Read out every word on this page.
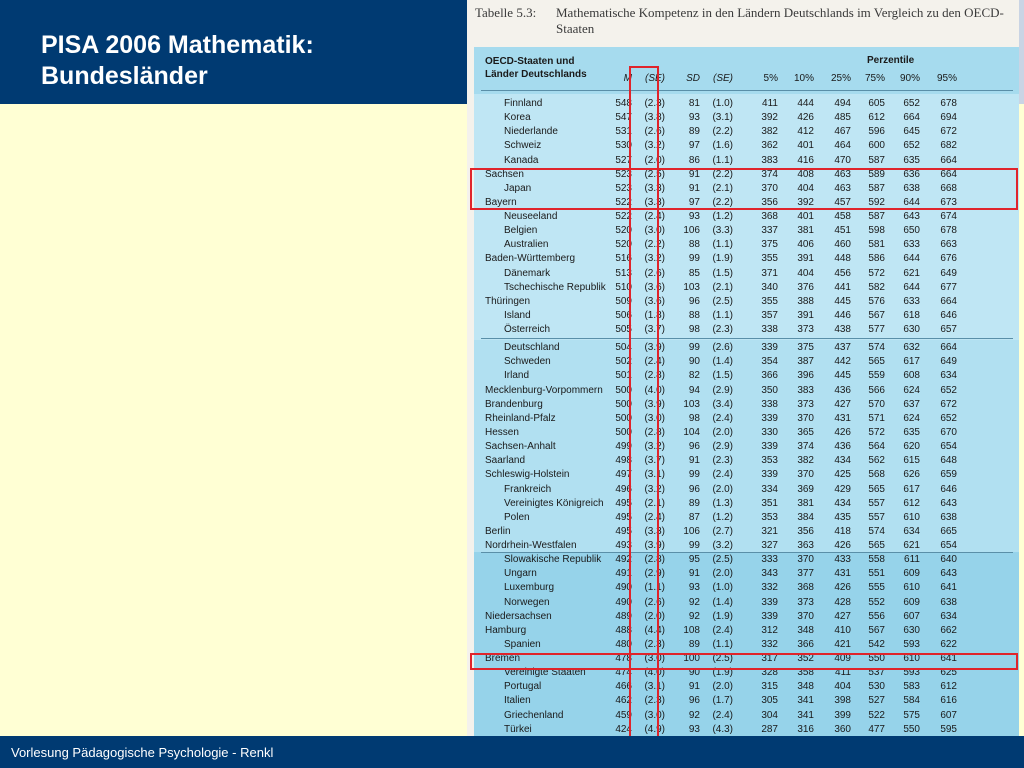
PISA 2006 Mathematik:
Bundesländer
Tabelle 5.3: Mathematische Kompetenz in den Ländern Deutschlands im Vergleich zu den OECD-Staaten
OECD-Staaten und
Länder Deutschlands
Perzentile
M (SE) SD (SE)	5% 10% 25% 75% 90% 95%
Finnland	548 (2.3) 81 (1.0)	411 444 494 605 652 678
Korea	547 (3.8) 93 (3.1)	392 426 485 612 664 694
Niederlande	531 (2.6) 89 (2.2)	382 412 467 596 645 672
Schweiz	530 (3.2) 97 (1.6)	362 401 464 600 652 682
Kanada	527 (2.0) 86 (1.1)	383 416 470 587 635 664
Sachsen	523 (2.5) 91 (2.2)	374 408 463 589 636 664
Japan	523 (3.3) 91 (2.1)	370 404 463 587 638 668
Bayern	522 (3.3) 97 (2.2)	356 392 457 592 644 673
Neuseeland	522 (2.4) 93 (1.2)	368 401 458 587 643 674
Belgien	520 (3.0) 106 (3.3)	337 381 451 598 650 678
Australien	520 (2.2) 88 (1.1)	375 406 460 581 633 663
Baden-Württemberg	516 (3.2) 99 (1.9)	355 391 448 586 644 676
Dänemark	513 (2.6) 85 (1.5)	371 404 456 572 621 649
Tschechische Republik 510 (3.6) 103 (2.1)	340 376 441 582 644 677
Thüringen	509 (3.6) 96 (2.5)	355 388 445 576 633 664
Island	506 (1.8) 88 (1.1)	357 391 446 567 618 646
Österreich	505 (3.7) 98 (2.3)	338 373 438 577 630 657
Deutschland	504 (3.9) 99 (2.6)	339 375 437 574 632 664
Schweden	502 (2.4) 90 (1.4)	354 387 442 565 617 649
Irland	501 (2.8) 82 (1.5)	366 396 445 559 608 634
Mecklenburg-Vorpommern 500 (4.0) 94 (2.9)	350 383 436 566 624 652
Brandenburg	500 (3.9) 103 (3.4)	338 373 427 570 637 672
Rheinland-Pfalz	500 (3.0) 98 (2.4)	339 370 431 571 624 652
Hessen	500 (2.8) 104 (2.0)	330 365 426 572 635 670
Sachsen-Anhalt	499 (3.2) 96 (2.9)	339 374 436 564 620 654
Saarland	498 (3.7) 91 (2.3)	353 382 434 562 615 648
Schleswig-Holstein	497 (3.1) 99 (2.4)	339 370 425 568 626 659
Frankreich	496 (3.2) 96 (2.0)	334 369 429 565 617 646
Vereinigtes Königreich 495 (2.1) 89 (1.3)	351 381 434 557 612 643
Polen	495 (2.4) 87 (1.2)	353 384 435 557 610 638
Berlin	495 (3.3) 106 (2.7)	321 356 418 574 634 665
Nordrhein-Westfalen	493 (3.9) 99 (3.2)	327 363 426 565 621 654
Slowakische Republik 492 (2.8) 95 (2.5)	333 370 433 558 611 640
Ungarn	491 (2.9) 91 (2.0)	343 377 431 551 609 643
Luxemburg	490 (1.1) 93 (1.0)	332 368 426 555 610 641
Norwegen	490 (2.6) 92 (1.4)	339 373 428 552 609 638
Niedersachsen	489 (2.0) 92 (1.9)	339 370 427 556 607 634
Hamburg	488 (4.4) 108 (2.4)	312 348 410 567 630 662
Spanien	480 (2.3) 89 (1.1)	332 366 421 542 593 622
Bremen	478 (3.0) 100 (2.5)	317 352 409 550 610 641
Vereinigte Staaten	474 (4.0) 90 (1.9)	328 358 411 537 593 625
Portugal	466 (3.1) 91 (2.0)	315 348 404 530 583 612
Italien	462 (2.3) 96 (1.7)	305 341 398 527 584 616
Griechenland	459 (3.0) 92 (2.4)	304 341 399 522 575 607
Türkei	424 (4.9) 93 (4.3)	287 316 360 477 550 595
Vorlesung Pädagogische Psychologie - Renkl
